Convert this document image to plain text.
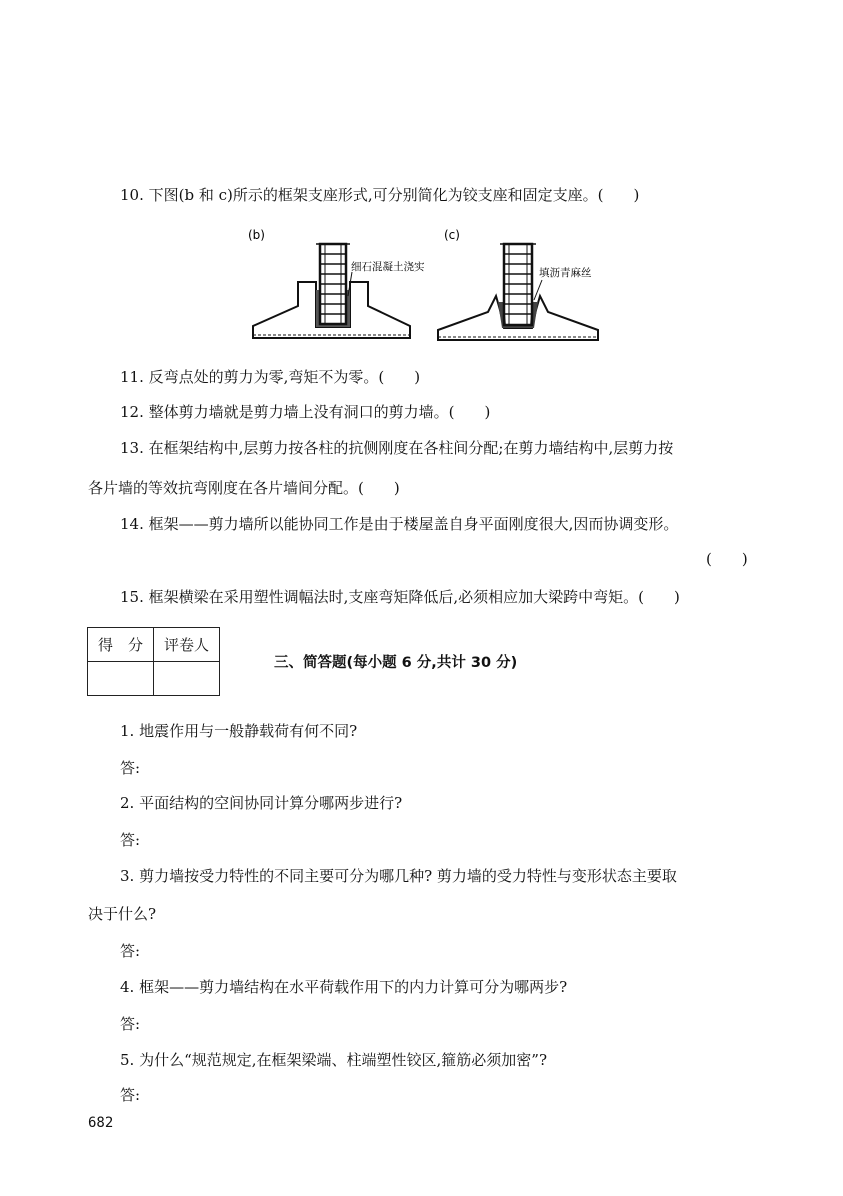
10. 下图(b 和 c)所示的框架支座形式,可分别简化为铰支座和固定支座。(　　)
(b)
细石混凝土浇实
(c)
填沥青麻丝
11. 反弯点处的剪力为零,弯矩不为零。(　　)
12. 整体剪力墙就是剪力墙上没有洞口的剪力墙。(　　)
13. 在框架结构中,层剪力按各柱的抗侧刚度在各柱间分配;在剪力墙结构中,层剪力按
各片墙的等效抗弯刚度在各片墙间分配。(　　)
14. 框架——剪力墙所以能协同工作是由于楼屋盖自身平面刚度很大,因而协调变形。
(　　)
15. 框架横梁在采用塑性调幅法时,支座弯矩降低后,必须相应加大梁跨中弯矩。(　　)
得　分	评卷人

三、简答题(每小题 6 分,共计 30 分)
1. 地震作用与一般静载荷有何不同?
答:
2. 平面结构的空间协同计算分哪两步进行?
答:
3. 剪力墙按受力特性的不同主要可分为哪几种? 剪力墙的受力特性与变形状态主要取
决于什么?
答:
4. 框架——剪力墙结构在水平荷载作用下的内力计算可分为哪两步?
答:
5. 为什么“规范规定,在框架梁端、柱端塑性铰区,箍筋必须加密”?
答:
682
